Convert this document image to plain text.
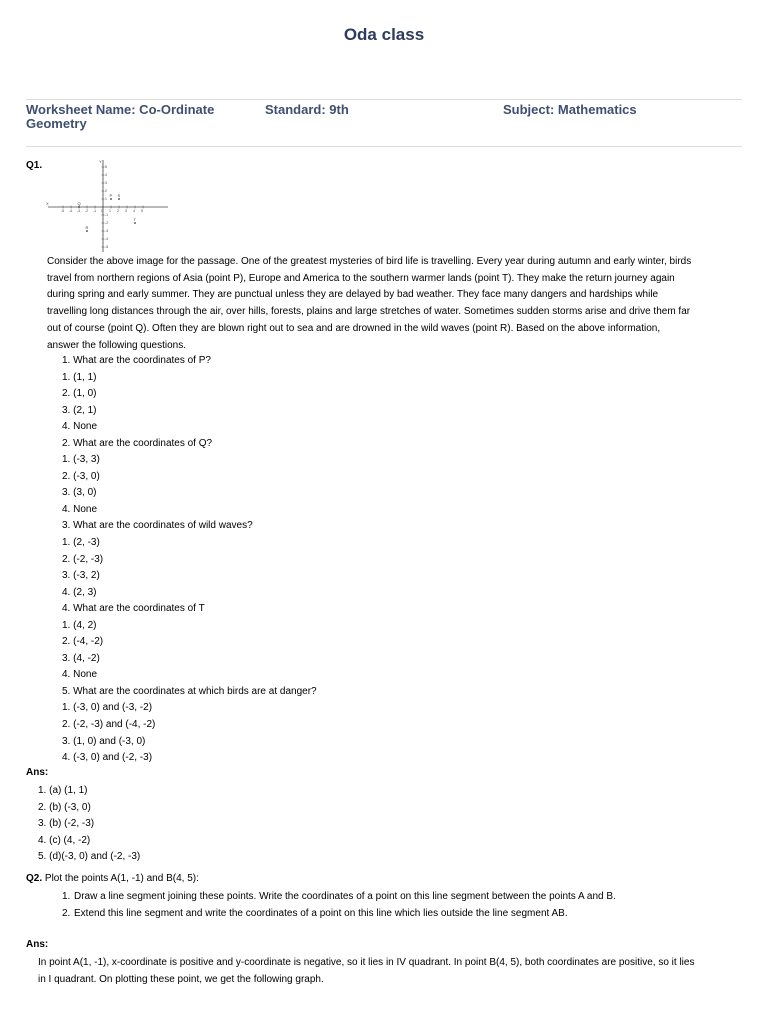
Oda class
Worksheet Name: Co-Ordinate Geometry
Standard: 9th	Subject: Mathematics
Q1.
X
Y
-5 -4 -3 -2 -1 0 1 2 3 4 5
5
4
3
2
1
-1
-2
-3
-4
-5
P S
Q
R
T
Consider the above image for the passage. One of the greatest mysteries of bird life is travelling. Every year during autumn and early winter, birds travel from northern regions of Asia (point P), Europe and America to the southern warmer lands (point T). They make the return journey again during spring and early summer. They are punctual unless they are delayed by bad weather. They face many dangers and hardships while travelling long distances through the air, over hills, forests, plains and large stretches of water. Sometimes sudden storms arise and drive them far out of course (point Q). Often they are blown right out to sea and are drowned in the wild waves (point R). Based on the above information, answer the following questions.
1. What are the coordinates of P?
1. (1, 1)
2. (1, 0)
3. (2, 1)
4. None
2. What are the coordinates of Q?
1. (-3, 3)
2. (-3, 0)
3. (3, 0)
4. None
3. What are the coordinates of wild waves?
1. (2, -3)
2. (-2, -3)
3. (-3, 2)
4. (2, 3)
4. What are the coordinates of T
1. (4, 2)
2. (-4, -2)
3. (4, -2)
4. None
5. What are the coordinates at which birds are at danger?
1. (-3, 0) and (-3, -2)
2. (-2, -3) and (-4, -2)
3. (1, 0) and (-3, 0)
4. (-3, 0) and (-2, -3)
Ans:
1. (a) (1, 1)
2. (b) (-3, 0)
3. (b) (-2, -3)
4. (c) (4, -2)
5. (d)(-3, 0) and (-2, -3)
Q2. Plot the points A(1, -1) and B(4, 5):
1. Draw a line segment joining these points. Write the coordinates of a point on this line segment between the points A and B.
2. Extend this line segment and write the coordinates of a point on this line which lies outside the line segment AB.
Ans:
In point A(1, -1), x-coordinate is positive and y-coordinate is negative, so it lies in IV quadrant. In point B(4, 5), both coordinates are positive, so it lies in I quadrant. On plotting these point, we get the following graph.
